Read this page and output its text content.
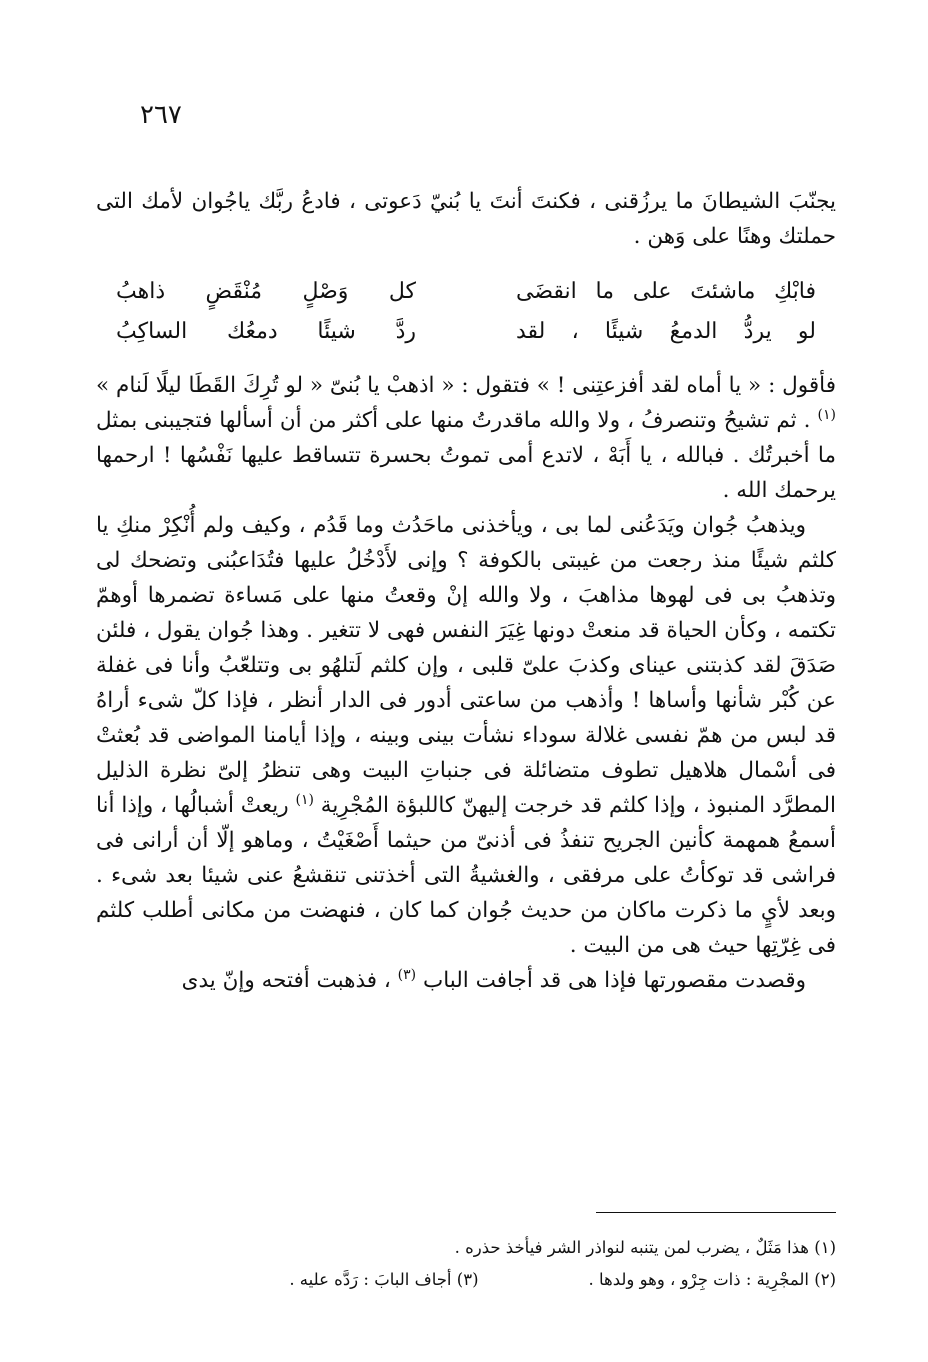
٢٦٧

يجنّبَ الشيطانَ ما يرزُقنى ، فكنتَ أنتَ يا بُنيّ دَعوتى ، فادعُ ربَّك ياجُوان لأمك التى حملتك وهنًا على وَهن .

فابْكِ ماشئتَ على ما انقضَى
كل وَصْلٍ مُنْقَضٍ ذاهبُ
لو يردُّ الدمعُ شيئًا ، لقد
ردَّ شيئًا دمعُك الساكِبُ

فأقول : « يا أماه لقد أفزعتِنى ! » فتقول : « اذهبْ يا بُنىّ « لو تُرِكَ القَطَا ليلًا لَنام » $^{(١)}$ . ثم تشيحُ وتنصرفُ ، ولا والله ماقدرتُ منها على أكثر من أن أسألها فتجيبنى بمثل ما أخبرتُك . فبالله ، يا أَبَهْ ، لاتدع أمى تموتُ بحسرة تتساقط عليها نَفْسُها ! ارحمها يرحمك الله .

ويذهبُ جُوان ويَدَعُنى لما بى ، ويأخذنى ماحَدُث وما قَدُم ، وكيف ولم أُنْكِرْ منكِ يا كلثم شيئًا منذ رجعت من غيبتى بالكوفة ؟ وإنى لأَدْخُلُ عليها فتُدَاعبُنى وتضحك لى وتذهبُ بى فى لهوها مذاهبَ ، ولا والله إنْ وقعتُ منها على مَساءة تضمرها أوهمّ تكتمه ، وكأن الحياة قد منعتْ دونها غِيَرَ النفس فهى لا تتغير . وهذا جُوان يقول ، فلئن صَدَقَ لقد كذبتنى عيناى وكذبَ علىّ قلبى ، وإن كلثم لَتلهُو بى وتتلعّبُ وأنا فى غفلة عن كُبْر شأنها وأساها ! وأذهب من ساعتى أدور فى الدار أنظر ، فإذا كلّ شىء أراهُ قد لبس من همّ نفسى غلالة سوداء نشأت بينى وبينه ، وإذا أيامنا المواضى قد بُعثتْ فى أسْمال هلاهيل تطوف متضائلة فى جنباتِ البيت وهى تنظرُ إلىّ نظرة الذليل المطرَّد المنبوذ ، وإذا كلثم قد خرجت إليهنّ كاللبؤة المُجْرِية $^{(١)}$ ريعتْ أشبالُها ، وإذا أنا أسمعُ همهمة كأنين الجريح تنفذُ فى أذنىّ من حيثما أَصْغَيْتُ ، وماهو إلّا أن أرانى فى فراشى قد توكأتُ على مرفقى ، والغشيةُ التى أخذتنى تنقشعُ عنى شيئا بعد شىء . وبعد لأيٍ ما ذكرت ماكان من حديث جُوان كما كان ، فنهضت من مكانى أطلب كلثم فى غِرّتِها حيث هى من البيت .

وقصدت مقصورتها فإذا هى قد أجافت الباب $^{(٣)}$ ، فذهبت أفتحه وإنّ يدى

(١) هذا مَثَلٌ ، يضرب لمن يتنبه لنواذر الشر فيأخذ حذره .
(٢) المجْرِية : ذات جِرْو ، وهو ولدها .
(٣) أجاف البابَ : رَدَّه عليه .
